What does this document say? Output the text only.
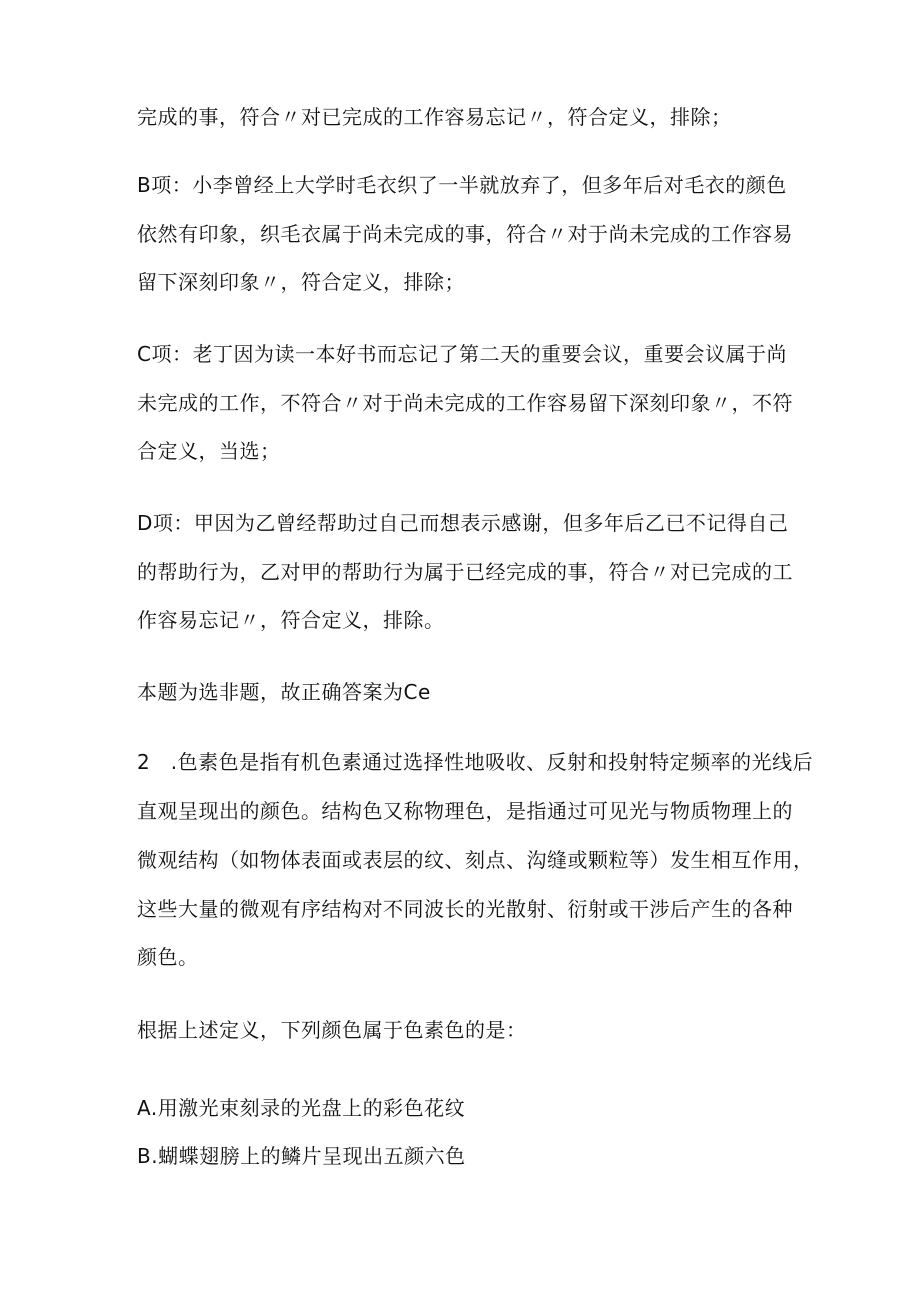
完成的事，符合〃对已完成的工作容易忘记〃，符合定义，排除；
B项：小李曾经上大学时毛衣织了一半就放弃了，但多年后对毛衣的颜色
依然有印象，织毛衣属于尚未完成的事，符合〃对于尚未完成的工作容易
留下深刻印象〃，符合定义，排除；
C项：老丁因为读一本好书而忘记了第二天的重要会议，重要会议属于尚
未完成的工作，不符合〃对于尚未完成的工作容易留下深刻印象〃，不符
合定义，当选；
D项：甲因为乙曾经帮助过自己而想表示感谢，但多年后乙已不记得自己
的帮助行为，乙对甲的帮助行为属于已经完成的事，符合〃对已完成的工
作容易忘记〃，符合定义，排除。
本题为选非题，故正确答案为Ce
2　.色素色是指有机色素通过选择性地吸收、反射和投射特定频率的光线后
直观呈现出的颜色。结构色又称物理色，是指通过可见光与物质物理上的
微观结构（如物体表面或表层的纹、刻点、沟缝或颗粒等）发生相互作用，
这些大量的微观有序结构对不同波长的光散射、衍射或干涉后产生的各种
颜色。
根据上述定义，下列颜色属于色素色的是：
A.用激光束刻录的光盘上的彩色花纹
B.蝴蝶翅膀上的鳞片呈现出五颜六色
